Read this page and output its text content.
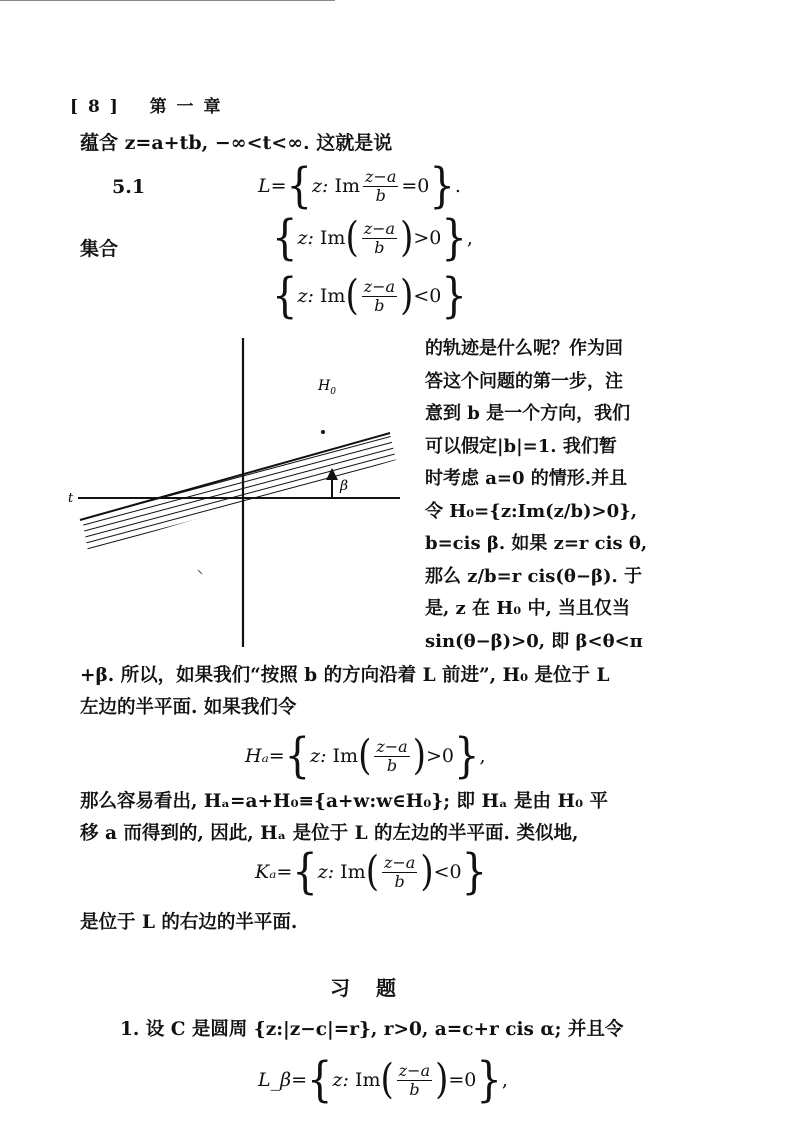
[ 8 ] 第 一 章
蕴含 z=a+tb, −∞<t<∞. 这就是说
5.1	L= { z:
Im $\frac{z-a}{b} =0$ } .
集合	{ z:
Im ( $\frac{z-a}{b}$ ) >0 } ,
{ z:
Im ( $\frac{z-a}{b}$ ) <0 }
t
β
$H_0$
的轨迹是什么呢？作为回
答这个问题的第一步，注
意到 b 是一个方向，我们
可以假定|b|=1. 我们暂
时考虑 a=0 的情形.并且
令 H₀={z:Im(z/b)>0},
b=cis β. 如果 z=r cis θ,
那么 z/b=r cis(θ−β). 于
是, z 在 H₀ 中, 当且仅当
sin(θ−β)>0, 即 β<θ<π
+β. 所以，如果我们“按照 b 的方向沿着 L 前进”, H₀ 是位于 L
左边的半平面. 如果我们令
Hₐ= { z:
Im ( $\frac{z-a}{b}$ ) >0 } ,
那么容易看出, Hₐ=a+H₀≡{a+w:w∈H₀}; 即 Hₐ 是由 H₀ 平
移 a 而得到的, 因此, Hₐ 是位于 L 的左边的半平面. 类似地,
Kₐ= { z:
Im ( $\frac{z-a}{b}$ ) <0 }
是位于 L 的右边的半平面.
习题
1. 设 C 是圆周 {z:|z−c|=r}, r>0, a=c+r cis α; 并且令
L_β= { z:
Im ( $\frac{z-a}{b}$ ) =0 } ,
